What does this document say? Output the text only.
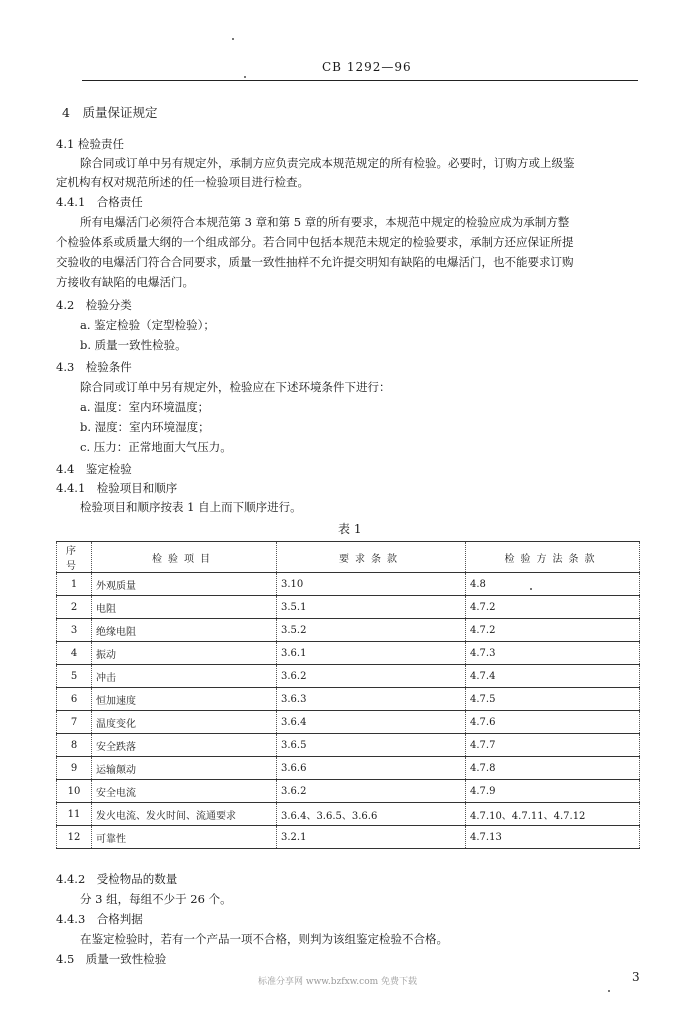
CB 1292—96
4　质量保证规定
4.1 检验责任
除合同或订单中另有规定外，承制方应负责完成本规范规定的所有检验。必要时，订购方或上级鉴
定机构有权对规范所述的任一检验项目进行检查。
4.4.1　合格责任
所有电爆活门必须符合本规范第 3 章和第 5 章的所有要求，本规范中规定的检验应成为承制方整
个检验体系或质量大纲的一个组成部分。若合同中包括本规范未规定的检验要求，承制方还应保证所提
交验收的电爆活门符合合同要求，质量一致性抽样不允许提交明知有缺陷的电爆活门，也不能要求订购
方接收有缺陷的电爆活门。
4.2　检验分类
a. 鉴定检验（定型检验）；
b. 质量一致性检验。
4.3　检验条件
除合同或订单中另有规定外，检验应在下述环境条件下进行：
a. 温度：室内环境温度；
b. 湿度：室内环境湿度；
c. 压力：正常地面大气压力。
4.4　鉴定检验
4.4.1　检验项目和顺序
检验项目和顺序按表 1 自上而下顺序进行。
表 1
序号	检验项目	要求条款	检验方法条款
1	外观质量	3.10	4.8
2	电阻	3.5.1	4.7.2
3	绝缘电阻	3.5.2	4.7.2
4	振动	3.6.1	4.7.3
5	冲击	3.6.2	4.7.4
6	恒加速度	3.6.3	4.7.5
7	温度变化	3.6.4	4.7.6
8	安全跌落	3.6.5	4.7.7
9	运输颠动	3.6.6	4.7.8
10	安全电流	3.6.2	4.7.9
11	发火电流、发火时间、流通要求	3.6.4、3.6.5、3.6.6	4.7.10、4.7.11、4.7.12
12	可靠性	3.2.1	4.7.13
4.4.2　受检物品的数量
分 3 组，每组不少于 26 个。
4.4.3　合格判据
在鉴定检验时，若有一个产品一项不合格，则判为该组鉴定检验不合格。
4.5　质量一致性检验
标准分享网 www.bzfxw.com 免费下载	3
